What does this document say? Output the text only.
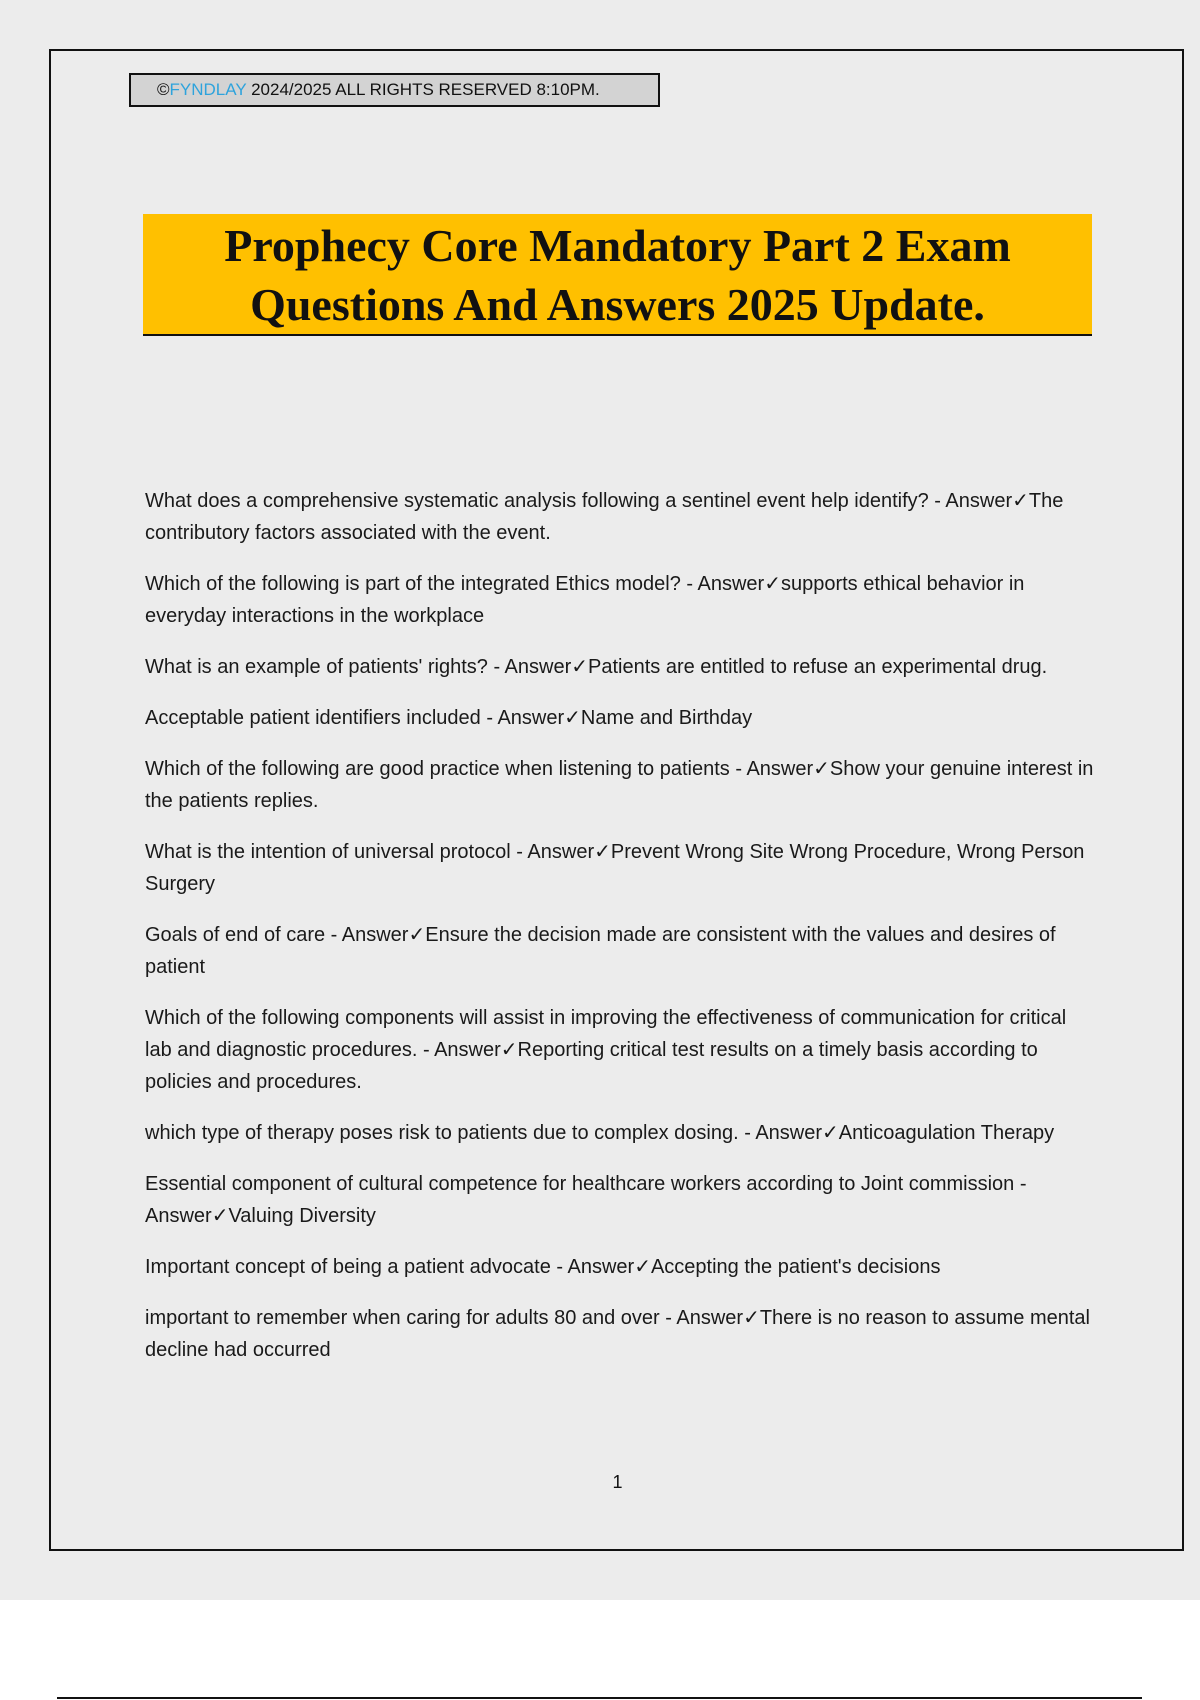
©FYNDLAY 2024/2025 ALL RIGHTS RESERVED 8:10PM.
Prophecy Core Mandatory Part 2 Exam
Questions And Answers 2025 Update.

What does a comprehensive systematic analysis following a sentinel event help identify? - Answer✓The contributory factors associated with the event.

Which of the following is part of the integrated Ethics model? - Answer✓supports ethical behavior in everyday interactions in the workplace

What is an example of patients' rights? - Answer✓Patients are entitled to refuse an experimental drug.

Acceptable patient identifiers included - Answer✓Name and Birthday

Which of the following are good practice when listening to patients - Answer✓Show your genuine interest in the patients replies.

What is the intention of universal protocol - Answer✓Prevent Wrong Site Wrong Procedure, Wrong Person Surgery

Goals of end of care - Answer✓Ensure the decision made are consistent with the values and desires of patient

Which of the following components will assist in improving the effectiveness of communication for critical lab and diagnostic procedures. - Answer✓Reporting critical test results on a timely basis according to policies and procedures.

which type of therapy poses risk to patients due to complex dosing. - Answer✓Anticoagulation Therapy

Essential component of cultural competence for healthcare workers according to Joint commission - Answer✓Valuing Diversity

Important concept of being a patient advocate - Answer✓Accepting the patient's decisions

important to remember when caring for adults 80 and over - Answer✓There is no reason to assume mental decline had occurred

1
